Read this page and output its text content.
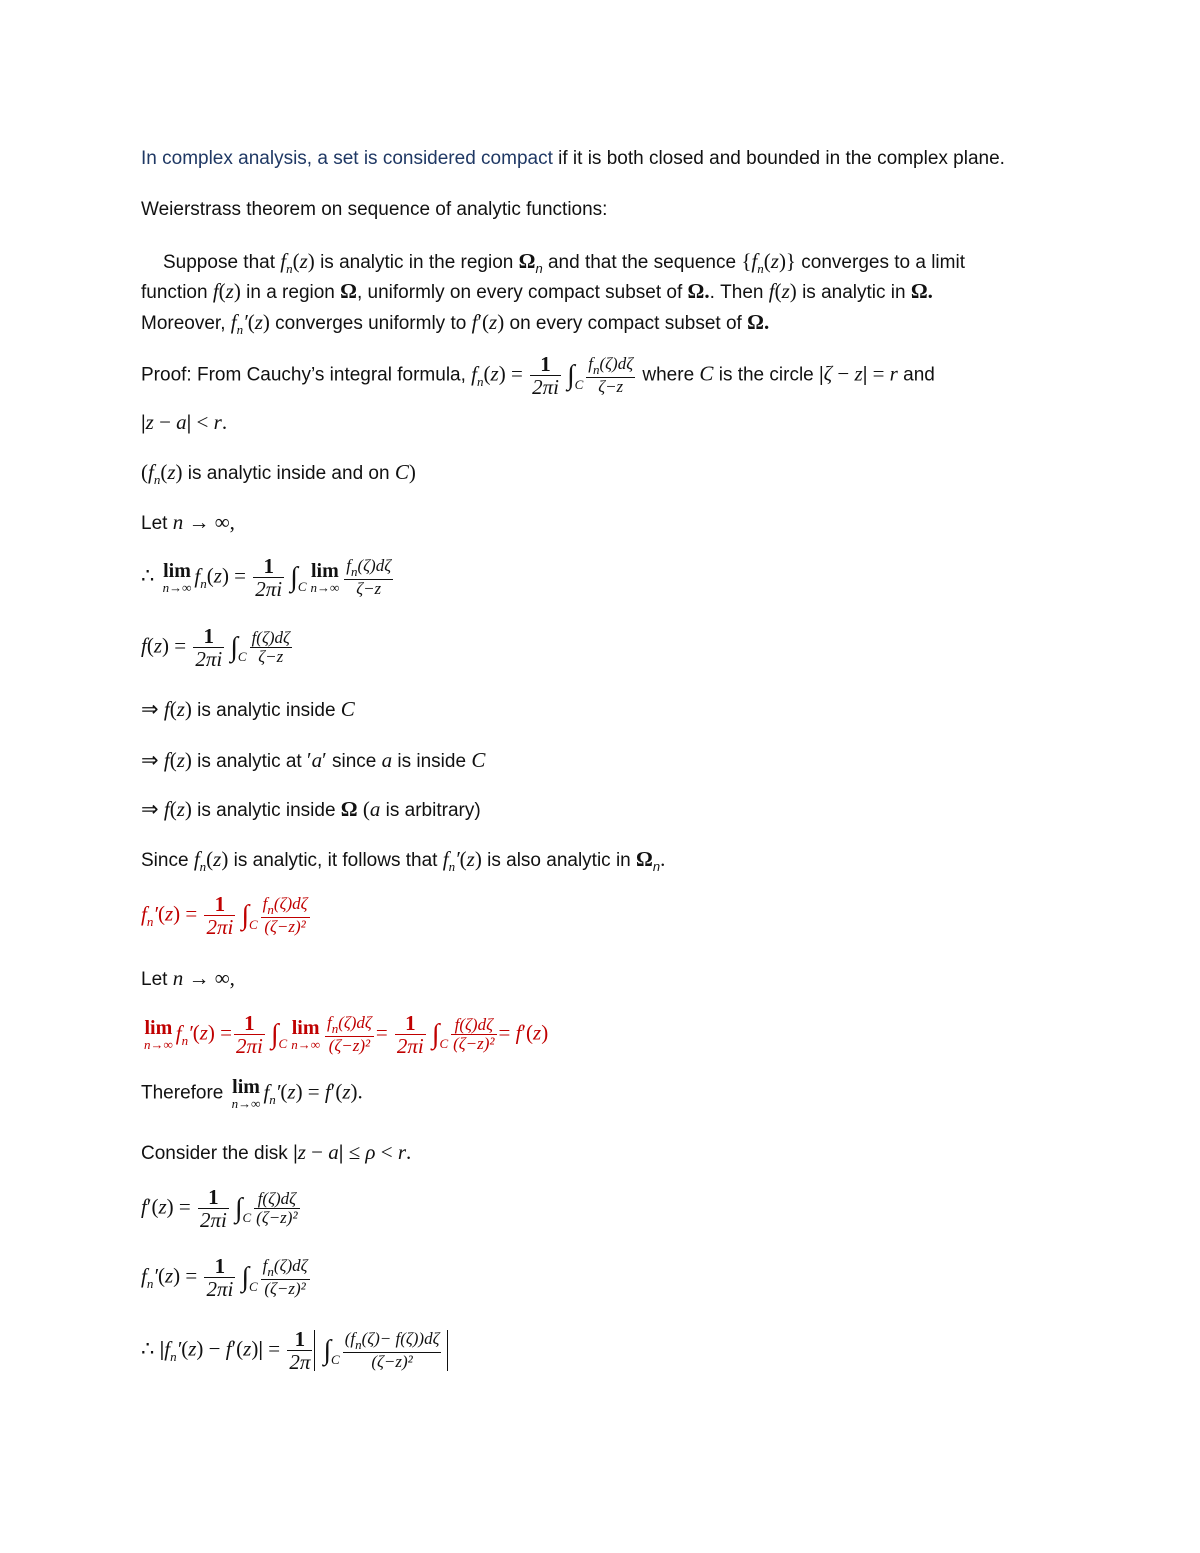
In complex analysis, a set is considered compact if it is both closed and bounded in the complex plane.
Weierstrass theorem on sequence of analytic functions:
Suppose that $f_n(z)$ is analytic in the region $\Omega_n$ and that the sequence $\{f_n(z)\}$ converges to a limit
function f(z) in a region Ω, uniformly on every compact subset of Ω.. Then f(z) is analytic in Ω.
Moreover, $f_n'(z)$ converges uniformly to f′(z) on every compact subset of Ω.
Proof: From Cauchy’s integral formula, $f_n(z) = \frac{1}{2\pi i} \int_C \frac{f_n(\zeta)d\zeta}{\zeta-z}$ where C is the circle |ζ − z| = r and
|z − a| < r.
($f_n(z)$ is analytic inside and on C)
Let n → ∞,
∴ lim
n→∞ $f_n(z) = \frac{1}{2\pi i} \int_C$
lim
$n\to\infty \frac{f_n(\zeta)d\zeta}{\zeta-z}$
$f(z) = \frac{1}{2\pi i} \int_C \frac{f(\zeta)d\zeta}{\zeta-z}$
⇒ f(z) is analytic inside C
⇒ f(z) is analytic at ′a′ since a is inside C
⇒ f(z) is analytic inside Ω (a is arbitrary)
Since $f_n(z)$ is analytic, it follows that $f_n'(z)$ is also analytic in $\Omega_n$.
$f_n'(z) = \frac{1}{2\pi i} \int_C \frac{f_n(\zeta)d\zeta}{\text{(ζ−z)²}}$
Let n → ∞,
lim
n→∞ $f_n'(z) = \frac{1}{2\pi i} \int_C$
lim
$n\to\infty \frac{f_n(\zeta)d\zeta}{\text{(ζ−z)²}} = \frac{1}{2\pi i} \int_C \frac{f(\zeta)d\zeta}{\text{(ζ−z)²}} = f'(z)$
Therefore lim
n→∞ $f_n'(z) = f'(z)$.
Consider the disk |z − a| ≤ ρ < r.
$f'(z) = \frac{1}{2\pi i} \int_C \frac{f(\zeta)d\zeta}{\text{(ζ−z)²}}$
$f_n'(z) = \frac{1}{2\pi i} \int_C \frac{f_n(\zeta)d\zeta}{\text{(ζ−z)²}}$
∴ $|f_n'(z) - f'(z)| = \frac{1}{2\pi} \int_C \frac{(f_n(\zeta)- f(\zeta))d\zeta}{\text{(ζ−z)²}}$
